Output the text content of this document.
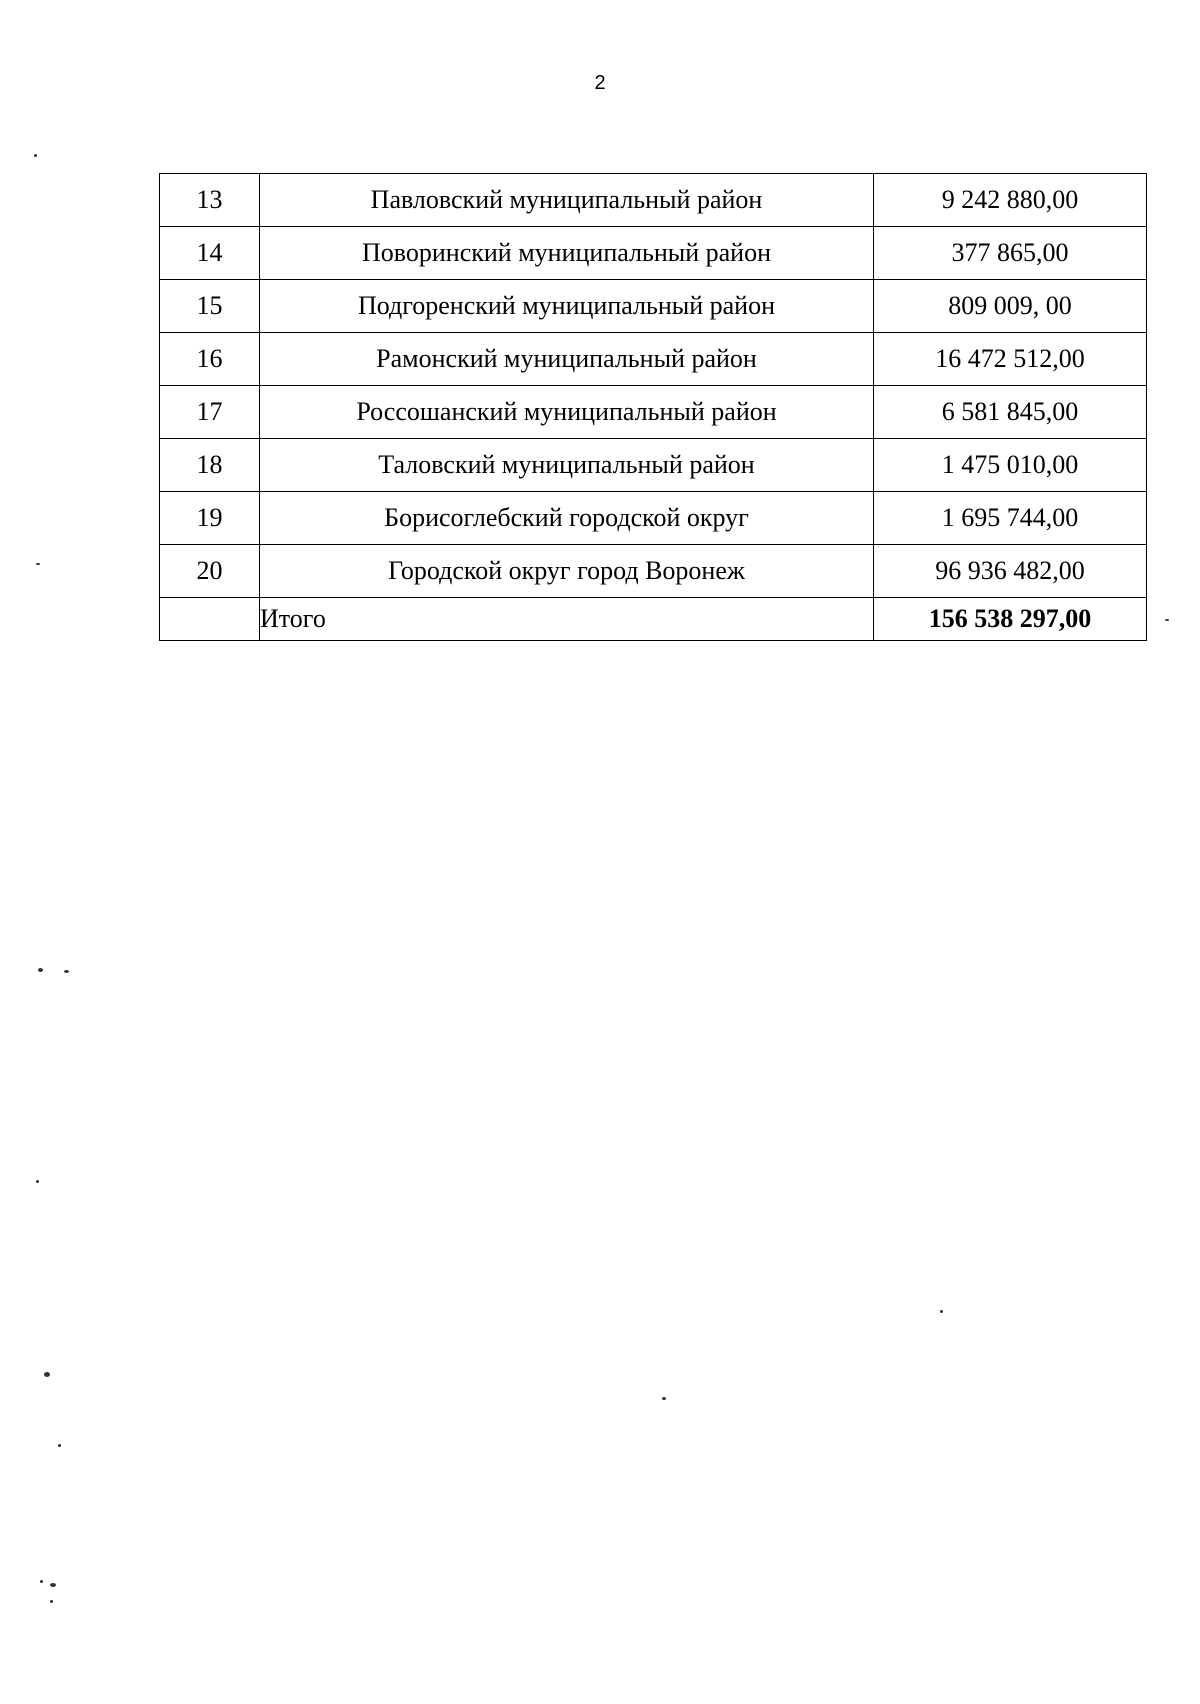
2
13	Павловский муниципальный район	9 242 880,00
14	Поворинский муниципальный район	377 865,00
15	Подгоренский муниципальный район	809 009, 00
16	Рамонский муниципальный район	16 472 512,00
17	Россошанский муниципальный район	6 581 845,00
18	Таловский муниципальный район	1 475 010,00
19	Борисоглебский городской округ	1 695 744,00
20	Городской округ город Воронеж	96 936 482,00
	Итого	156 538 297,00
